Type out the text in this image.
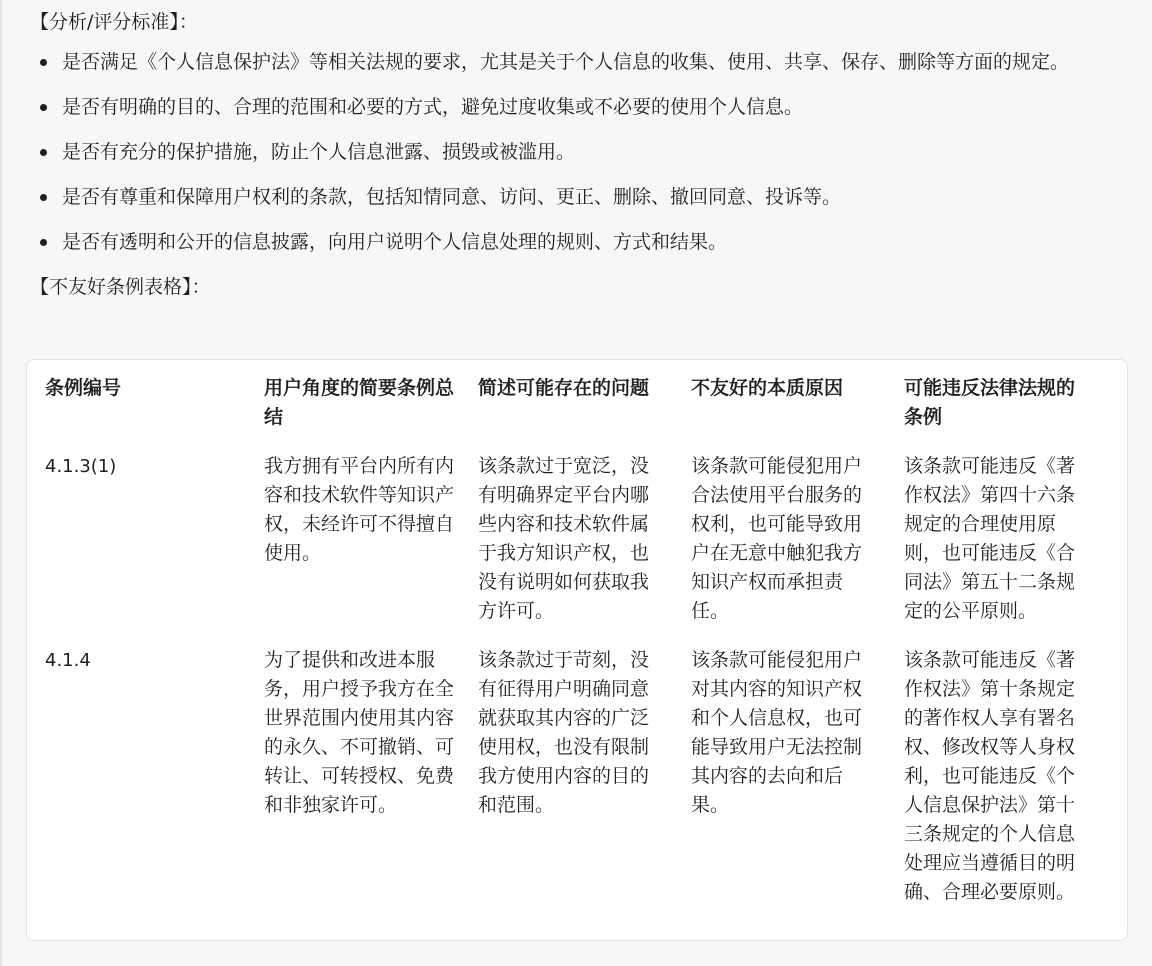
【分析/评分标准】：

是否满足《个人信息保护法》等相关法规的要求，尤其是关于个人信息的收集、使用、共享、保存、删除等方面的规定。
是否有明确的目的、合理的范围和必要的方式，避免过度收集或不必要的使用个人信息。
是否有充分的保护措施，防止个人信息泄露、损毁或被滥用。
是否有尊重和保障用户权利的条款，包括知情同意、访问、更正、删除、撤回同意、投诉等。
是否有透明和公开的信息披露，向用户说明个人信息处理的规则、方式和结果。

【不友好条例表格】：

条例编号	用户角度的简要条例总结	简述可能存在的问题	不友好的本质原因	可能违反法律法规的条例
4.1.3(1)	我方拥有平台内所有内容和技术软件等知识产权，未经许可不得擅自使用。	该条款过于宽泛，没有明确界定平台内哪些内容和技术软件属于我方知识产权，也没有说明如何获取我方许可。	该条款可能侵犯用户合法使用平台服务的权利，也可能导致用户在无意中触犯我方知识产权而承担责任。	该条款可能违反《著作权法》第四十六条规定的合理使用原则，也可能违反《合同法》第五十二条规定的公平原则。
4.1.4	为了提供和改进本服务，用户授予我方在全世界范围内使用其内容的永久、不可撤销、可转让、可转授权、免费和非独家许可。	该条款过于苛刻，没有征得用户明确同意就获取其内容的广泛使用权，也没有限制我方使用内容的目的和范围。	该条款可能侵犯用户对其内容的知识产权和个人信息权，也可能导致用户无法控制其内容的去向和后果。	该条款可能违反《著作权法》第十条规定的著作权人享有署名权、修改权等人身权利，也可能违反《个人信息保护法》第十三条规定的个人信息处理应当遵循目的明确、合理必要原则。
